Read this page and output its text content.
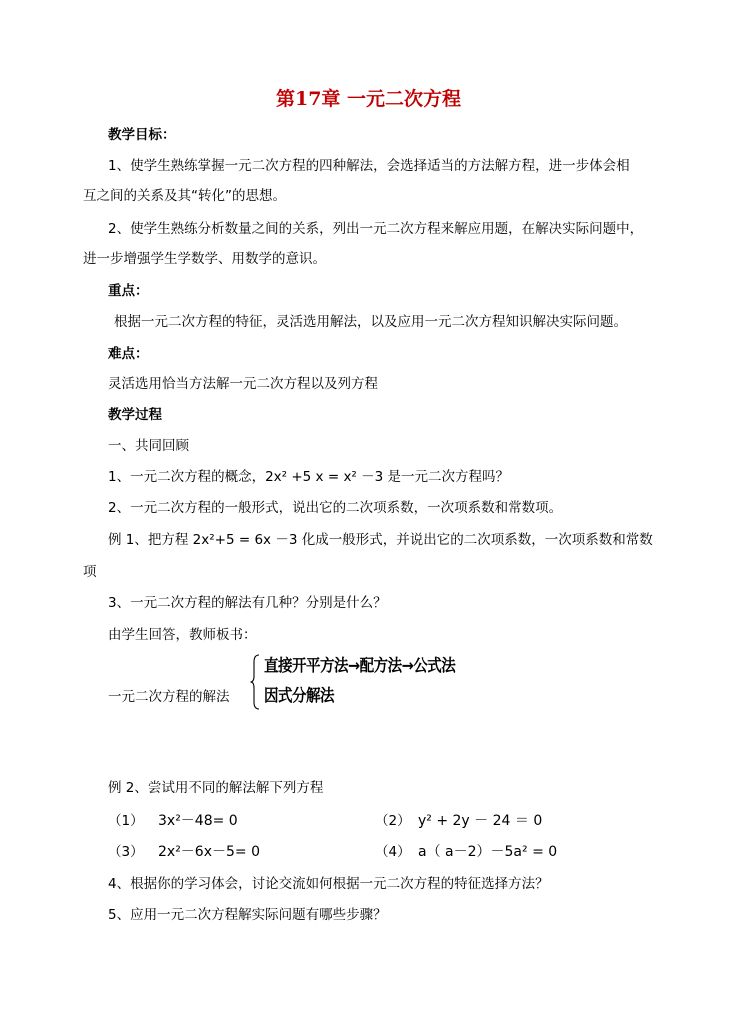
第17章 一元二次方程
教学目标：
1、使学生熟练掌握一元二次方程的四种解法，会选择适当的方法解方程，进一步体会相
互之间的关系及其“转化”的思想。
2、使学生熟练分析数量之间的关系，列出一元二次方程来解应用题，在解决实际问题中，
进一步增强学生学数学、用数学的意识。
重点：
根据一元二次方程的特征，灵活选用解法，以及应用一元二次方程知识解决实际问题。
难点：
灵活选用恰当方法解一元二次方程以及列方程
教学过程
一、共同回顾
1、一元二次方程的概念，2x² +5 x = x² －3 是一元二次方程吗？
2、一元二次方程的一般形式，说出它的二次项系数，一次项系数和常数项。
例 1、把方程 2x²+5 = 6x －3 化成一般形式，并说出它的二次项系数，一次项系数和常数
项
3、一元二次方程的解法有几种？分别是什么？
由学生回答，教师板书：
一元二次方程的解法
直接开平方法→配方法→公式法
因式分解法
例 2、尝试用不同的解法解下列方程
（1） 3x²－48= 0	（2） y² + 2y － 24 ＝ 0
（3） 2x²－6x－5= 0	（4） a（ a－2）－5a² = 0
4、根据你的学习体会，讨论交流如何根据一元二次方程的特征选择方法？
5、应用一元二次方程解实际问题有哪些步骤？
